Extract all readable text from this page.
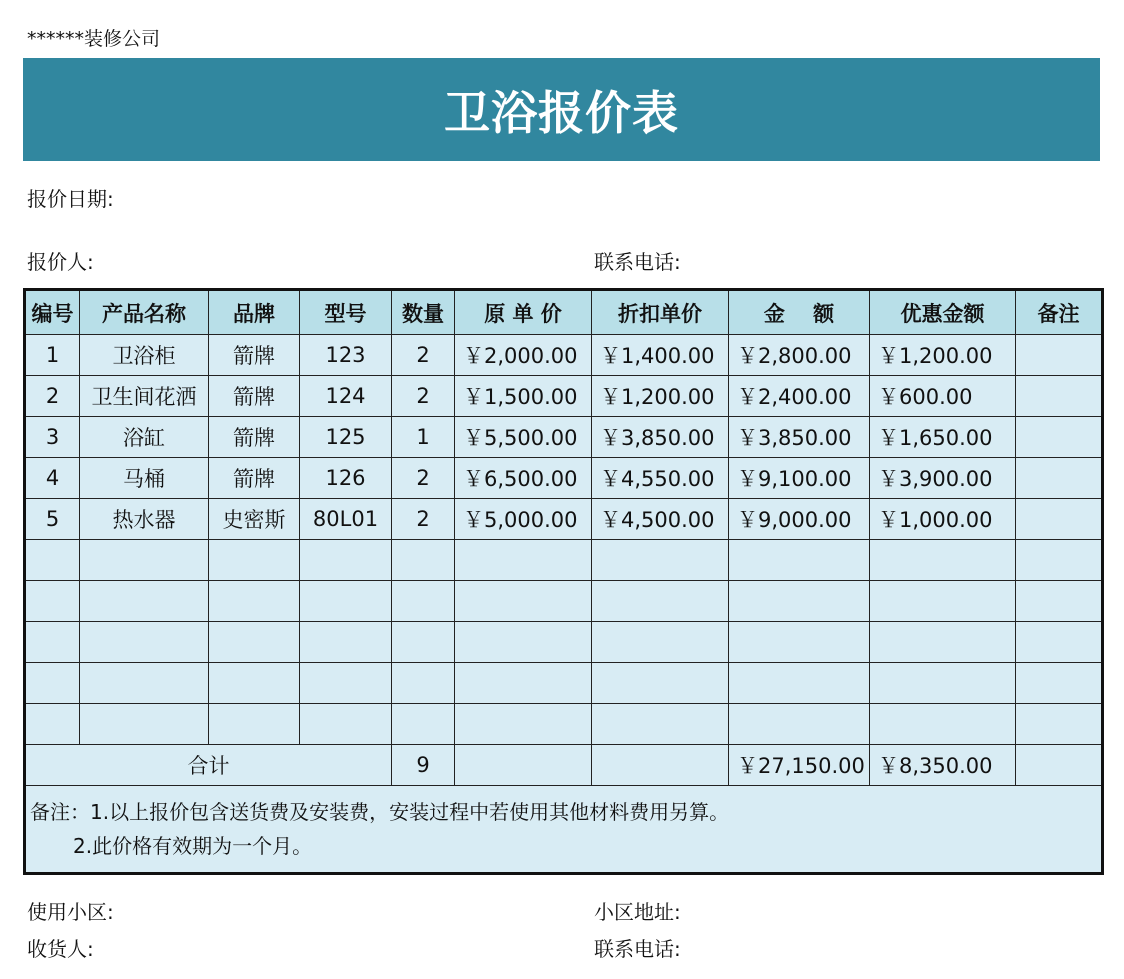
******装修公司
卫浴报价表
报价日期:
报价人:	联系电话:
编号	产品名称	品牌	型号	数量	原 单 价	折扣单价	金　 额	优惠金额	备注
1	卫浴柜	箭牌	123	2	￥2,000.00	￥1,400.00	￥2,800.00	￥1,200.00	
2	卫生间花洒	箭牌	124	2	￥1,500.00	￥1,200.00	￥2,400.00	￥600.00	
3	浴缸	箭牌	125	1	￥5,500.00	￥3,850.00	￥3,850.00	￥1,650.00	
4	马桶	箭牌	126	2	￥6,500.00	￥4,550.00	￥9,100.00	￥3,900.00	
5	热水器	史密斯	80L01	2	￥5,000.00	￥4,500.00	￥9,000.00	￥1,000.00	

合计				9			￥27,150.00	￥8,350.00	

备注：1.以上报价包含送货费及安装费，安装过程中若使用其他材料费用另算。
2.此价格有效期为一个月。									
使用小区:	小区地址:
收货人:	联系电话:
